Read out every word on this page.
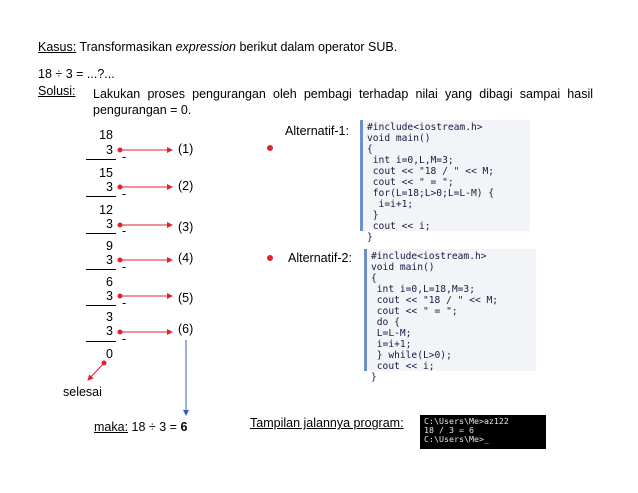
Kasus: Transformasikan expression berikut dalam operator SUB.
18 ÷ 3 = ...?...
Solusi: Lakukan proses pengurangan oleh pembagi terhadap nilai yang dibagi sampai hasil pengurangan = 0.
18
3 -
15
3 -
12
3 -
9
3 -
6
3 -
3
3
-
0
(1)
(2)
(3)
(4)
(5)
(6)
selesai
maka: 18 ÷ 3 = 6
Alternatif-1: #include<iostream.h>
void main()
{
int i=0,L,M=3;
cout << "18 / " << M;
cout << " = ";
for(L=18;L>0;L=L-M) {
i=i+1;
}
cout << i;
}
Alternatif-2: #include<iostream.h>
void main()
{
int i=0,L=18,M=3;
cout << "18 / " << M;
cout << " = ";
do {
L=L-M;
i=i+1;
} while(L>0);
cout << i;
}
Tampilan jalannya program: C:\Users\Me>az122
18 / 3 = 6
C:\Users\Me>_
